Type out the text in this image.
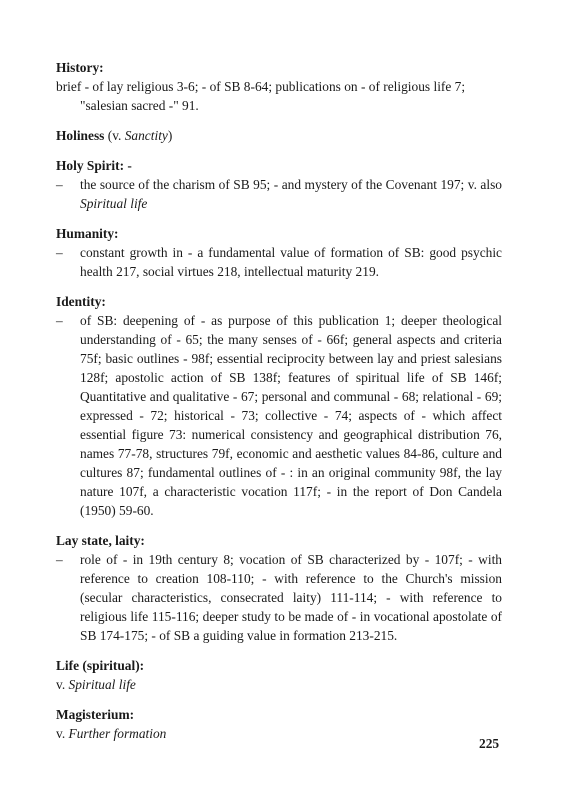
History:
brief - of lay religious 3-6; - of SB 8-64; publications on - of religious life 7; "salesian sacred -" 91.
Holiness (v. Sanctity)
Holy Spirit: -
–	the source of the charism of SB 95; - and mystery of the Covenant 197; v. also Spiritual life
Humanity:
–	constant growth in - a fundamental value of formation of SB: good psychic health 217, social virtues 218, intellectual maturity 219.
Identity:
–	of SB: deepening of - as purpose of this publication 1; deeper theological understanding of - 65; the many senses of - 66f; general aspects and criteria 75f; basic outlines - 98f; essential reciprocity between lay and priest salesians 128f; apostolic action of SB 138f; features of spiritual life of SB 146f; Quantitative and qualitative - 67; personal and communal - 68; relational - 69; expressed - 72; historical - 73; collective - 74; aspects of - which affect essential figure 73: numerical consistency and geographical distribution 76, names 77-78, structures 79f, economic and aesthetic values 84-86, culture and cultures 87; fundamental outlines of - : in an original community 98f, the lay nature 107f, a characteristic vocation 117f; - in the report of Don Candela (1950) 59-60.
Lay state, laity:
–	role of - in 19th century 8; vocation of SB characterized by - 107f; - with reference to creation 108-110; - with reference to the Church's mission (secular characteristics, consecrated laity) 111-114; - with reference to religious life 115-116; deeper study to be made of - in vocational apostolate of SB 174-175; - of SB a guiding value in formation 213-215.
Life (spiritual):
v. Spiritual life
Magisterium:
v. Further formation
225
